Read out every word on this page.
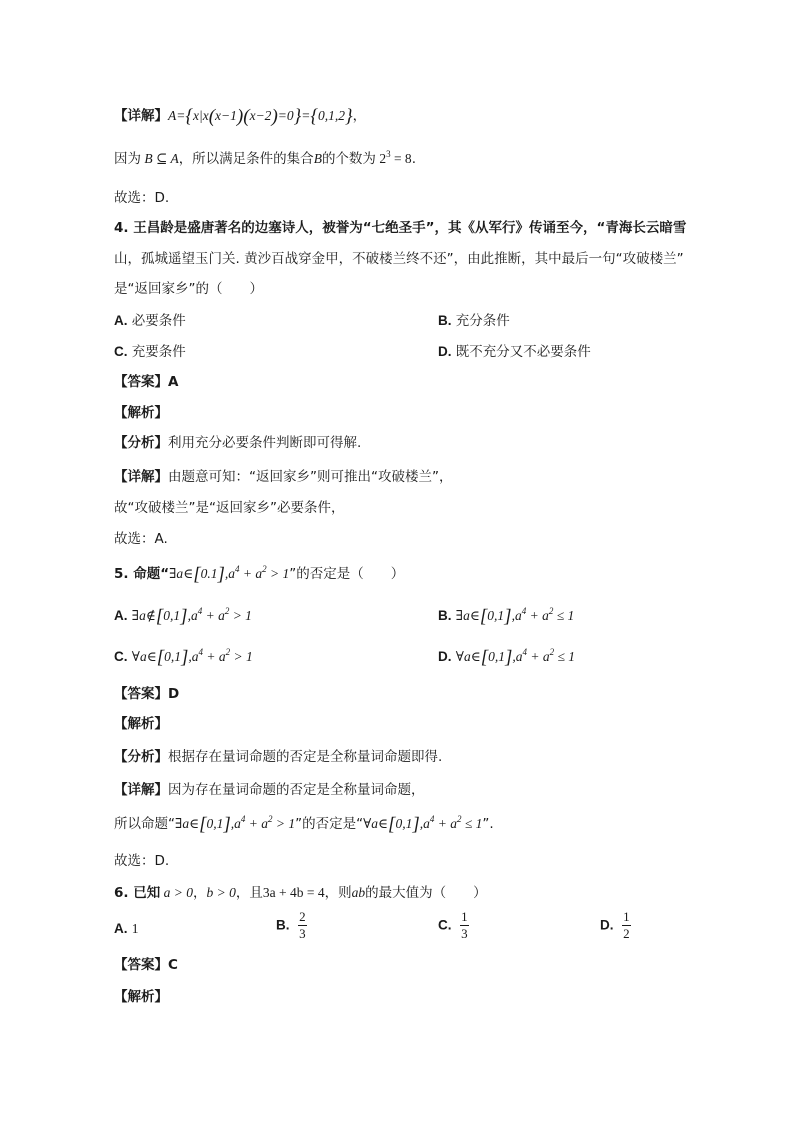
【详解】A={x|x(x−1)(x−2)=0}={0,1,2}，
因为 B ⊆ A，所以满足条件的集合B的个数为 $2^3 = 8$.
故选：D.
4. 王昌龄是盛唐著名的边塞诗人，被誉为“七绝圣手”，其《从军行》传诵至今，“青海长云暗雪
山，孤城遥望玉门关. 黄沙百战穿金甲，不破楼兰终不还”，由此推断，其中最后一句“攻破楼兰”
是“返回家乡”的（　　）
A. 必要条件	B. 充分条件
C. 充要条件	D. 既不充分又不必要条件
【答案】A
【解析】
【分析】利用充分必要条件判断即可得解.
【详解】由题意可知：“返回家乡”则可推出“攻破楼兰”，
故“攻破楼兰”是“返回家乡”必要条件，
故选：A.
5. 命题“$\exists a\in[0.1],a^4 + a^2 > 1$”的否定是（　　）
A. $\exists a\notin[0,1],a^4 + a^2 > 1$	B. $\exists a\in[0,1],a^4 + a^2 \le 1$
C. $\forall a\in[0,1],a^4 + a^2 > 1$	D. $\forall a\in[0,1],a^4 + a^2 \le 1$
【答案】D
【解析】
【分析】根据存在量词命题的否定是全称量词命题即得.
【详解】因为存在量词命题的否定是全称量词命题，
所以命题“$\exists a\in[0,1],a^4 + a^2 > 1$”的否定是“$\forall a\in[0,1],a^4 + a^2 \le 1$”.
故选：D.
6. 已知 a > 0，b > 0，且3a + 4b = 4，则ab的最大值为（　　）
A. 1	B. $\frac{2}{3}$	C. $\frac{1}{3}$	D. $\frac{1}{2}$
【答案】C
【解析】
